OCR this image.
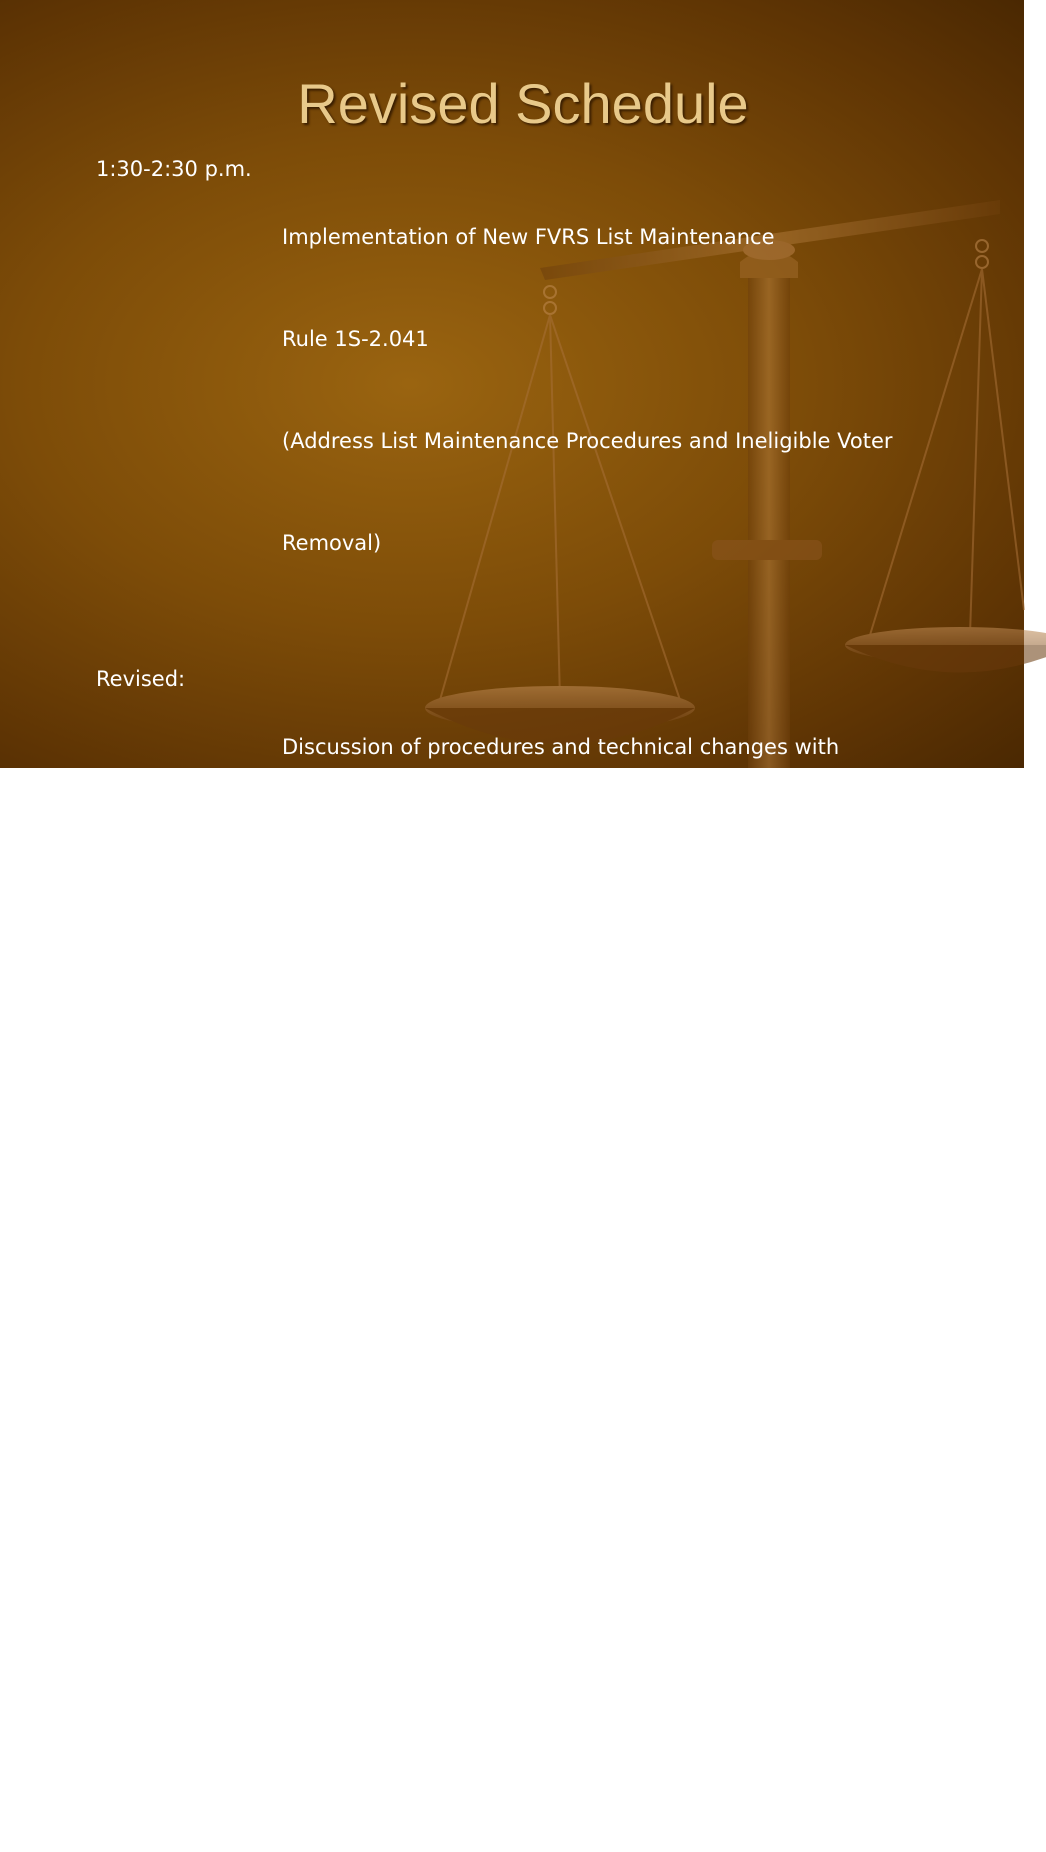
Revised Schedule
1:30-2:30 p.m.

Implementation of New FVRS List Maintenance

Rule 1S-2.041

(Address List Maintenance Procedures and Ineligible Voter

Removal)

Revised:

Discussion of procedures and technical changes with

vendors - Apr 2011.

2:30-3:00 p.m.

Review of new Division Rules.

3:15-4:00 p.m.

ACP Program:  Details of Program/Responsibilities of SOEs

(Attorney General’s Office)

4:00-4:30 p.m.

2010 Lessons Learned - Discussion

4:30-5:00 p.m.

General Topics:  voting systems; question/Answer
